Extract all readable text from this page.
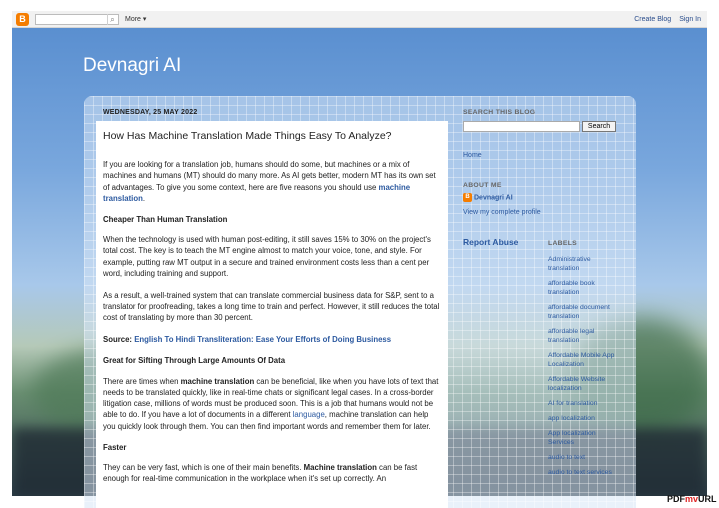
B	⌕	More ▾	Create Blog Sign In
Devnagri AI
WEDNESDAY, 25 MAY 2022
How Has Machine Translation Made Things Easy To Analyze?

If you are looking for a translation job, humans should do some, but machines or a mix of machines and humans (MT) should do many more. As AI gets better, modern MT has its own set of advantages. To give you some context, here are five reasons you should use machine translation.

Cheaper Than Human Translation

When the technology is used with human post-editing, it still saves 15% to 30% on the project's total cost. The key is to teach the MT engine almost to match your voice, tone, and style. For example, putting raw MT output in a secure and trained environment costs less than a cent per word, including training and support.

As a result, a well-trained system that can translate commercial business data for S&P, sent to a translator for proofreading, takes a long time to train and perfect. However, it still reduces the total cost of translating by more than 30 percent.

Source: English To Hindi Transliteration: Ease Your Efforts of Doing Business

Great for Sifting Through Large Amounts Of Data

There are times when machine translation can be beneficial, like when you have lots of text that needs to be translated quickly, like in real-time chats or significant legal cases. In a cross-border litigation case, millions of words must be produced soon. This is a job that humans would not be able to do. If you have a lot of documents in a different language, machine translation can help you quickly look through them. You can then find important words and remember them for later.

Faster

They can be very fast, which is one of their main benefits. Machine translation can be fast enough for real-time communication in the workplace when it's set up correctly. An

SEARCH THIS BLOG
Search
Home
ABOUT ME
B Devnagri AI
View my complete profile
Report Abuse	LABELS
Administrative translation
affordable book translation
affordable document translation
affordable legal translation
Affordable Mobile App Localization
Affordable Website localization
AI for translation
app localization
App localization Services
audio to text
audio to text services
PDFmvURL
